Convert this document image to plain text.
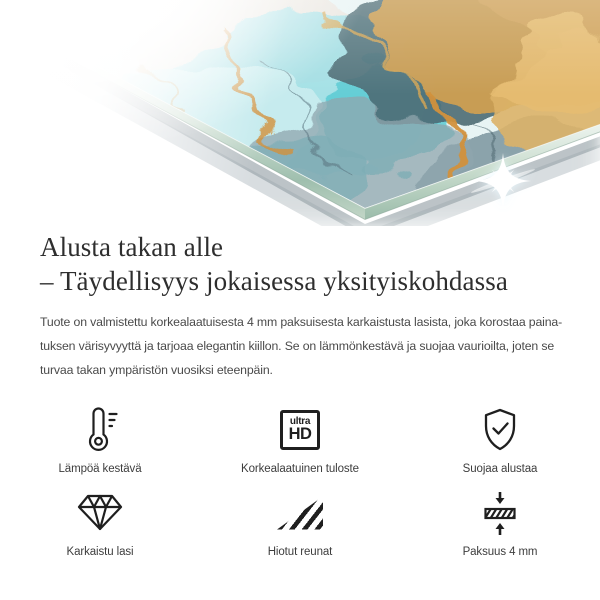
Alusta takan alle
– Täydellisyys jokaisessa yksityiskohdassa
Tuote on valmistettu korkealaatuisesta 4 mm paksuisesta karkaistusta lasista, joka korostaa paina-
tuksen värisyvyyttä ja tarjoaa elegantin kiillon. Se on lämmönkestävä ja suojaa vaurioilta, joten se
turvaa takan ympäristön vuosiksi eteenpäin.
Lämpöä kestävä
ultra
HD
Korkealaatuinen tuloste	Suojaa alustaa
Karkaistu lasi	Hiotut reunat	Paksuus 4 mm
